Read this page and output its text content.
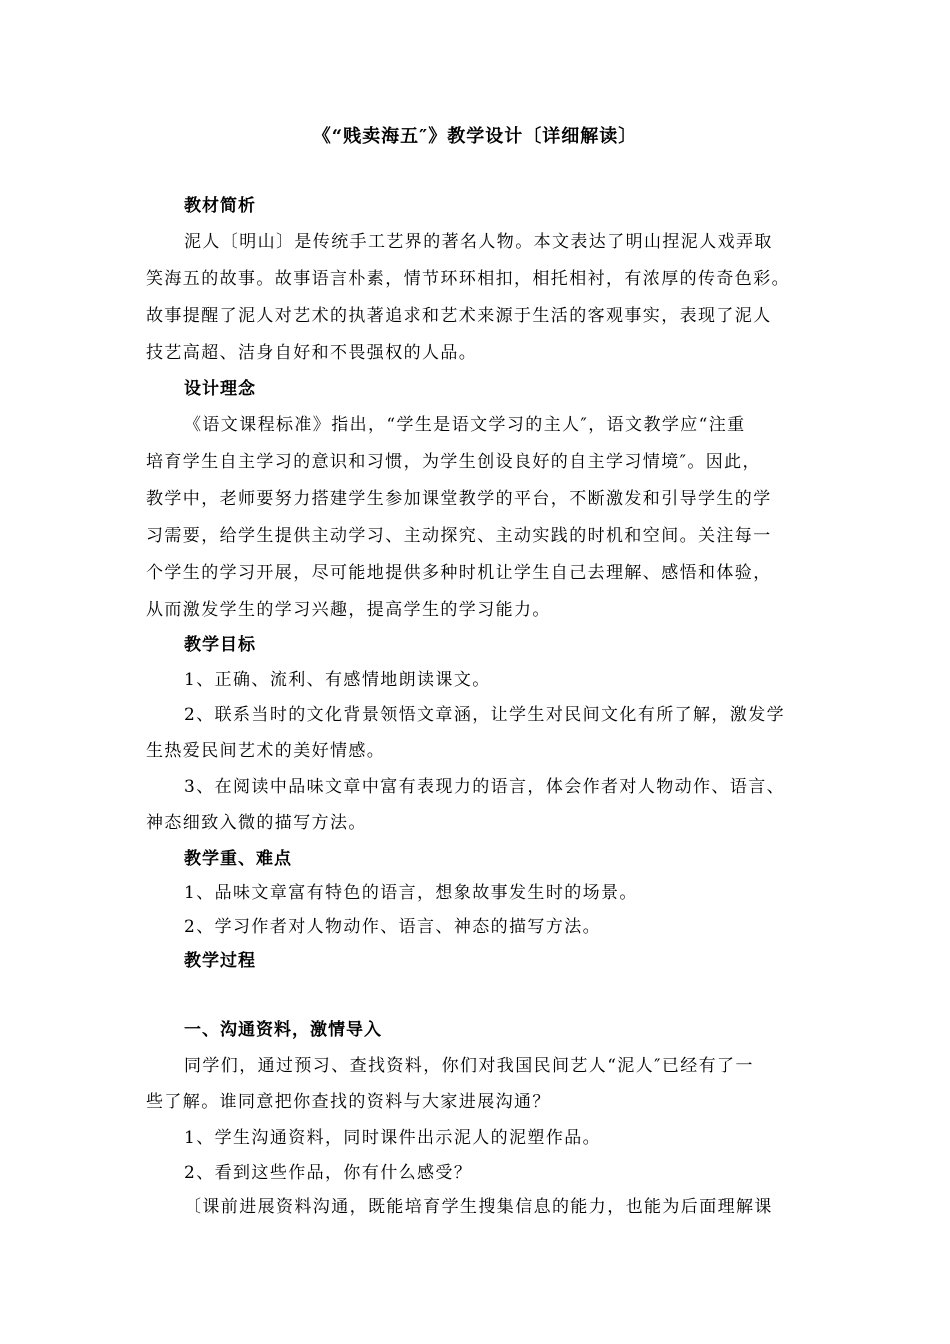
《“贱卖海五″》教学设计〔详细解读〕
教材简析
泥人〔明山〕是传统手工艺界的著名人物。本文表达了明山捏泥人戏弄取
笑海五的故事。故事语言朴素，情节环环相扣，相托相衬，有浓厚的传奇色彩。
故事提醒了泥人对艺术的执著追求和艺术来源于生活的客观事实，表现了泥人
技艺高超、洁身自好和不畏强权的人品。
设计理念
《语文课程标准》指出，“学生是语文学习的主人″，语文教学应“注重
培育学生自主学习的意识和习惯，为学生创设良好的自主学习情境″。因此，
教学中，老师要努力搭建学生参加课堂教学的平台，不断激发和引导学生的学
习需要，给学生提供主动学习、主动探究、主动实践的时机和空间。关注每一
个学生的学习开展，尽可能地提供多种时机让学生自己去理解、感悟和体验，
从而激发学生的学习兴趣，提高学生的学习能力。
教学目标
1、正确、流利、有感情地朗读课文。
2、联系当时的文化背景领悟文章涵，让学生对民间文化有所了解，激发学
生热爱民间艺术的美好情感。
3、在阅读中品味文章中富有表现力的语言，体会作者对人物动作、语言、
神态细致入微的描写方法。
教学重、难点
1、品味文章富有特色的语言，想象故事发生时的场景。
2、学习作者对人物动作、语言、神态的描写方法。
教学过程
一、沟通资料，激情导入
同学们，通过预习、查找资料，你们对我国民间艺人“泥人″已经有了一
些了解。谁同意把你查找的资料与大家进展沟通？
1、学生沟通资料，同时课件出示泥人的泥塑作品。
2、看到这些作品，你有什么感受？
〔课前进展资料沟通，既能培育学生搜集信息的能力，也能为后面理解课
